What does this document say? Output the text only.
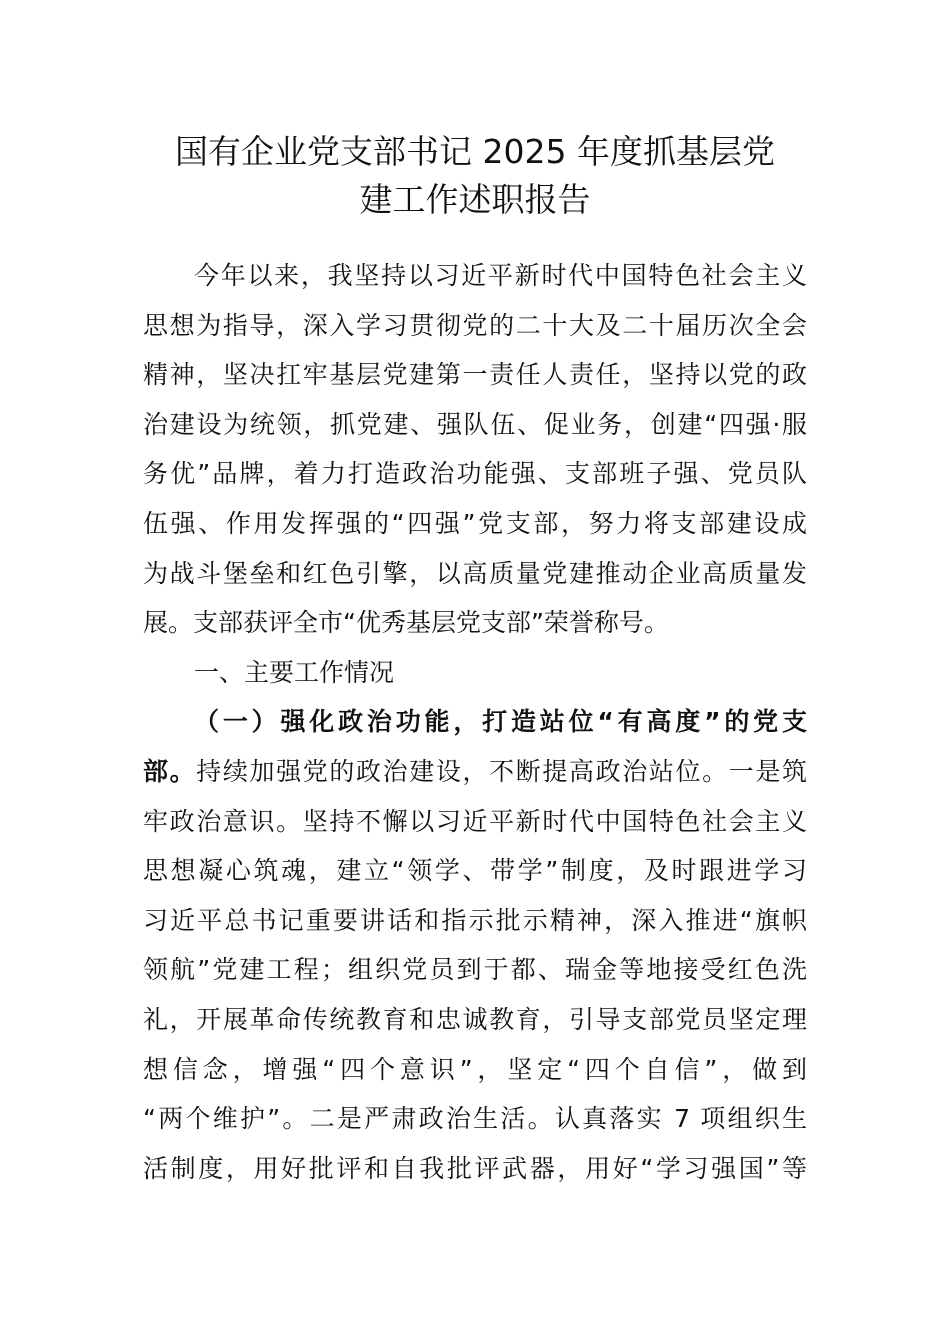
国有企业党支部书记 2025 年度抓基层党
建工作述职报告
今年以来，我坚持以习近平新时代中国特色社会主义
思想为指导，深入学习贯彻党的二十大及二十届历次全会
精神，坚决扛牢基层党建第一责任人责任，坚持以党的政
治建设为统领，抓党建、强队伍、促业务，创建“四强·服
务优”品牌，着力打造政治功能强、支部班子强、党员队
伍强、作用发挥强的“四强”党支部，努力将支部建设成
为战斗堡垒和红色引擎，以高质量党建推动企业高质量发
展。支部获评全市“优秀基层党支部”荣誉称号。
一、主要工作情况
（一）强化政治功能，打造站位“有高度”的党支
部。持续加强党的政治建设，不断提高政治站位。一是筑
牢政治意识。坚持不懈以习近平新时代中国特色社会主义
思想凝心筑魂，建立“领学、带学”制度，及时跟进学习
习近平总书记重要讲话和指示批示精神，深入推进“旗帜
领航”党建工程；组织党员到于都、瑞金等地接受红色洗
礼，开展革命传统教育和忠诚教育，引导支部党员坚定理
想信念，增强“四个意识”，坚定“四个自信”，做到
“两个维护”。二是严肃政治生活。认真落实 7 项组织生
活制度，用好批评和自我批评武器，用好“学习强国”等
